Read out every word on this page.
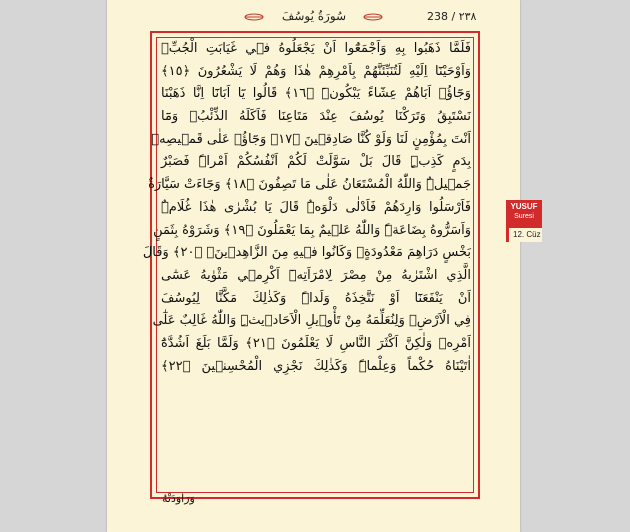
سُورَةُ يُوسُفَ	238 / ٢٣٨
فَلَمَّا ذَهَبُوا بِهِ وَاَجْمَعُٓوا اَنْ يَجْعَلُوهُ ف۪ي غَيَابَتِ الْجُبِّۚ
وَاَوْحَيْنَٓا اِلَيْهِ لَتُنَبِّئَنَّهُمْ بِاَمْرِهِمْ هٰذَا وَهُمْ لَا يَشْعُرُونَ ﴿١٥﴾
وَجَٓاؤُ۫ اَبَاهُمْ عِشَٓاءً يَبْكُونَۜ ﴿١٦﴾ قَالُوا يَٓا اَبَانَٓا اِنَّا ذَهَبْنَا
نَسْتَبِقُ وَتَرَكْنَا يُوسُفَ عِنْدَ مَتَاعِنَا فَاَكَلَهُ الذِّئْبُۚ وَمَٓا
اَنْتَ بِمُؤْمِنٍ لَنَا وَلَوْ كُنَّا صَادِق۪ينَ ﴿١٧﴾ وَجَٓاؤُ۫ عَلٰى قَم۪يصِه۪
بِدَمٍ كَذِبٍۜ قَالَ بَلْ سَوَّلَتْ لَكُمْ اَنْفُسُكُمْ اَمْراًۜ فَصَبْرٌ
جَم۪يلٌۜ وَاللّٰهُ الْمُسْتَعَانُ عَلٰى مَا تَصِفُونَ ﴿١٨﴾ وَجَٓاءَتْ سَيَّارَةٌ
فَاَرْسَلُوا وَارِدَهُمْ فَاَدْلٰى دَلْوَهُۜ قَالَ يَا بُشْرٰى هٰذَا غُلَامٌۜ
وَاَسَرُّوهُ بِضَاعَةًۜ وَاللّٰهُ عَل۪يمٌ بِمَا يَعْمَلُونَ ﴿١٩﴾ وَشَرَوْهُ بِثَمَنٍ
بَخْسٍ دَرَاهِمَ مَعْدُودَةٍۚ وَكَانُوا ف۪يهِ مِنَ الزَّاهِد۪ينَ۟ ﴿٢٠﴾ وَقَالَ
الَّذِي اشْتَرٰيهُ مِنْ مِصْرَ لِامْرَاَتِه۪ٓ اَكْرِم۪ي مَثْوٰيهُ عَسٰٓى
اَنْ يَنْفَعَنَٓا اَوْ نَتَّخِذَهُ وَلَداًۜ وَكَذٰلِكَ مَكَّنَّا لِيُوسُفَ
فِي الْاَرْضِۘ وَلِنُعَلِّمَهُ مِنْ تَأْو۪يلِ الْاَحَاد۪يثِۜ وَاللّٰهُ غَالِبٌ عَلٰٓى
اَمْرِه۪ وَلٰكِنَّ اَكْثَرَ النَّاسِ لَا يَعْلَمُونَ ﴿٢١﴾ وَلَمَّا بَلَغَ اَشُدَّهُٓ
اٰتَيْنَاهُ حُكْماً وَعِلْماًۜ وَكَذٰلِكَ نَجْزِي الْمُحْسِن۪ينَ ﴿٢٢﴾
وَرَاوَدَتْهُ
YUSUF
Suresi
12. Cüz
